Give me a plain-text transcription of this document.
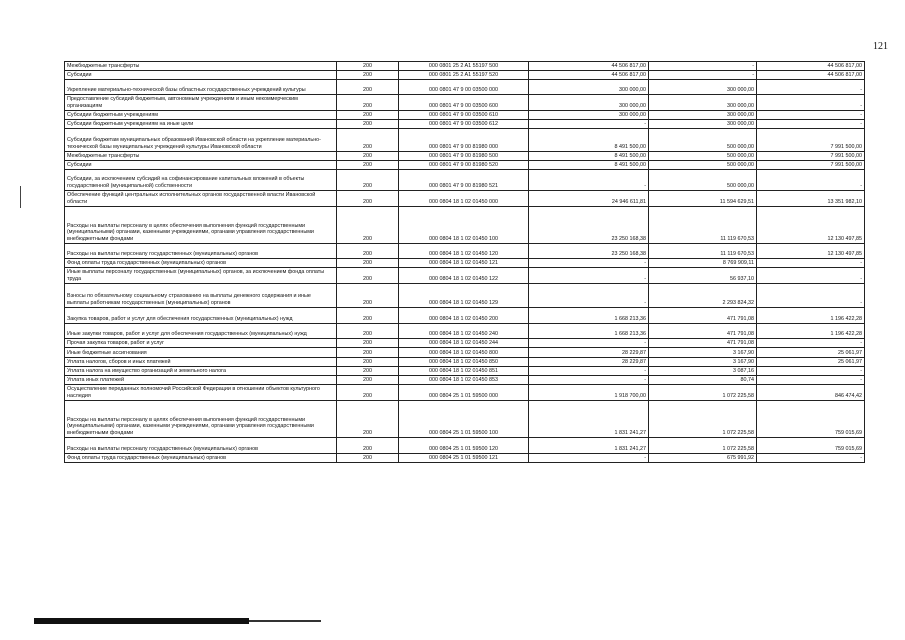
121
Межбюджетные трансферты	200	000 0801 25 2 A1 55197 500	44 506 817,00	-	44 506 817,00
Субсидии	200	000 0801 25 2 A1 55197 520	44 506 817,00	-	44 506 817,00
Укрепление материально-технической базы областных государственных учреждений культуры	200	000 0801 47 9 00 03500 000	300 000,00	300 000,00	-
Предоставление субсидий бюджетным, автономным учреждениям и иным некоммерческим организациям	200	000 0801 47 9 00 03500 600	300 000,00	300 000,00	-
Субсидии бюджетным учреждениям	200	000 0801 47 9 00 03500 610	300 000,00	300 000,00	-
Субсидии бюджетным учреждениям на иные цели	200	000 0801 47 9 00 03500 612	-	300 000,00	-
Субсидии бюджетам муниципальных образований Ивановской области на укрепление материально-технической базы муниципальных учреждений культуры Ивановской области	200	000 0801 47 9 00 81980 000	8 491 500,00	500 000,00	7 991 500,00
Межбюджетные трансферты	200	000 0801 47 9 00 81980 500	8 491 500,00	500 000,00	7 991 500,00
Субсидии	200	000 0801 47 9 00 81980 520	8 491 500,00	500 000,00	7 991 500,00
Субсидии, за исключением субсидий на софинансирование капитальных вложений в объекты государственной (муниципальной) собственности	200	000 0801 47 9 00 81980 521	-	500 000,00	-
Обеспечение функций центральных исполнительных органов государственной власти Ивановской области	200	000 0804 18 1 02 01450 000	24 946 611,81	11 594 629,51	13 351 982,10
Расходы на выплаты персоналу в целях обеспечения выполнения функций государственными (муниципальными) органами, казенными учреждениями, органами управления государственными внебюджетными фондами	200	000 0804 18 1 02 01450 100	23 250 168,38	11 119 670,53	12 130 497,85
Расходы на выплаты персоналу государственных (муниципальных) органов	200	000 0804 18 1 02 01450 120	23 250 168,38	11 119 670,53	12 130 497,85
Фонд оплаты труда государственных (муниципальных) органов	200	000 0804 18 1 02 01450 121	-	8 769 909,11	-
Иные выплаты персоналу государственных (муниципальных) органов, за исключением фонда оплаты труда	200	000 0804 18 1 02 01450 122	-	56 937,10	-
Взносы по обязательному социальному страхованию на выплаты денежного содержания и иные выплаты работникам государственных (муниципальных) органов	200	000 0804 18 1 02 01450 129	-	2 293 824,32	-
Закупка товаров, работ и услуг для обеспечения государственных (муниципальных) нужд	200	000 0804 18 1 02 01450 200	1 668 213,36	471 791,08	1 196 422,28
Иные закупки товаров, работ и услуг для обеспечения государственных (муниципальных) нужд	200	000 0804 18 1 02 01450 240	1 668 213,36	471 791,08	1 196 422,28
Прочая закупка товаров, работ и услуг	200	000 0804 18 1 02 01450 244	-	471 791,08	-
Иные бюджетные ассигнования	200	000 0804 18 1 02 01450 800	28 229,87	3 167,90	25 061,97
Уплата налогов, сборов и иных платежей	200	000 0804 18 1 02 01450 850	28 229,87	3 167,90	25 061,97
Уплата налога на имущество организаций и земельного налога	200	000 0804 18 1 02 01450 851	-	3 087,16	-
Уплата иных платежей	200	000 0804 18 1 02 01450 853	-	80,74	-
Осуществление переданных полномочий Российской Федерации в отношении объектов культурного наследия	200	000 0804 25 1 01 59500 000	1 918 700,00	1 072 225,58	846 474,42
Расходы на выплаты персоналу в целях обеспечения выполнения функций государственными (муниципальными) органами, казенными учреждениями, органами управления государственными внебюджетными фондами	200	000 0804 25 1 01 59500 100	1 831 241,27	1 072 225,58	759 015,69
Расходы на выплаты персоналу государственных (муниципальных) органов	200	000 0804 25 1 01 59500 120	1 831 241,27	1 072 225,58	759 015,69
Фонд оплаты труда государственных (муниципальных) органов	200	000 0804 25 1 01 59500 121	-	675 991,92	-
